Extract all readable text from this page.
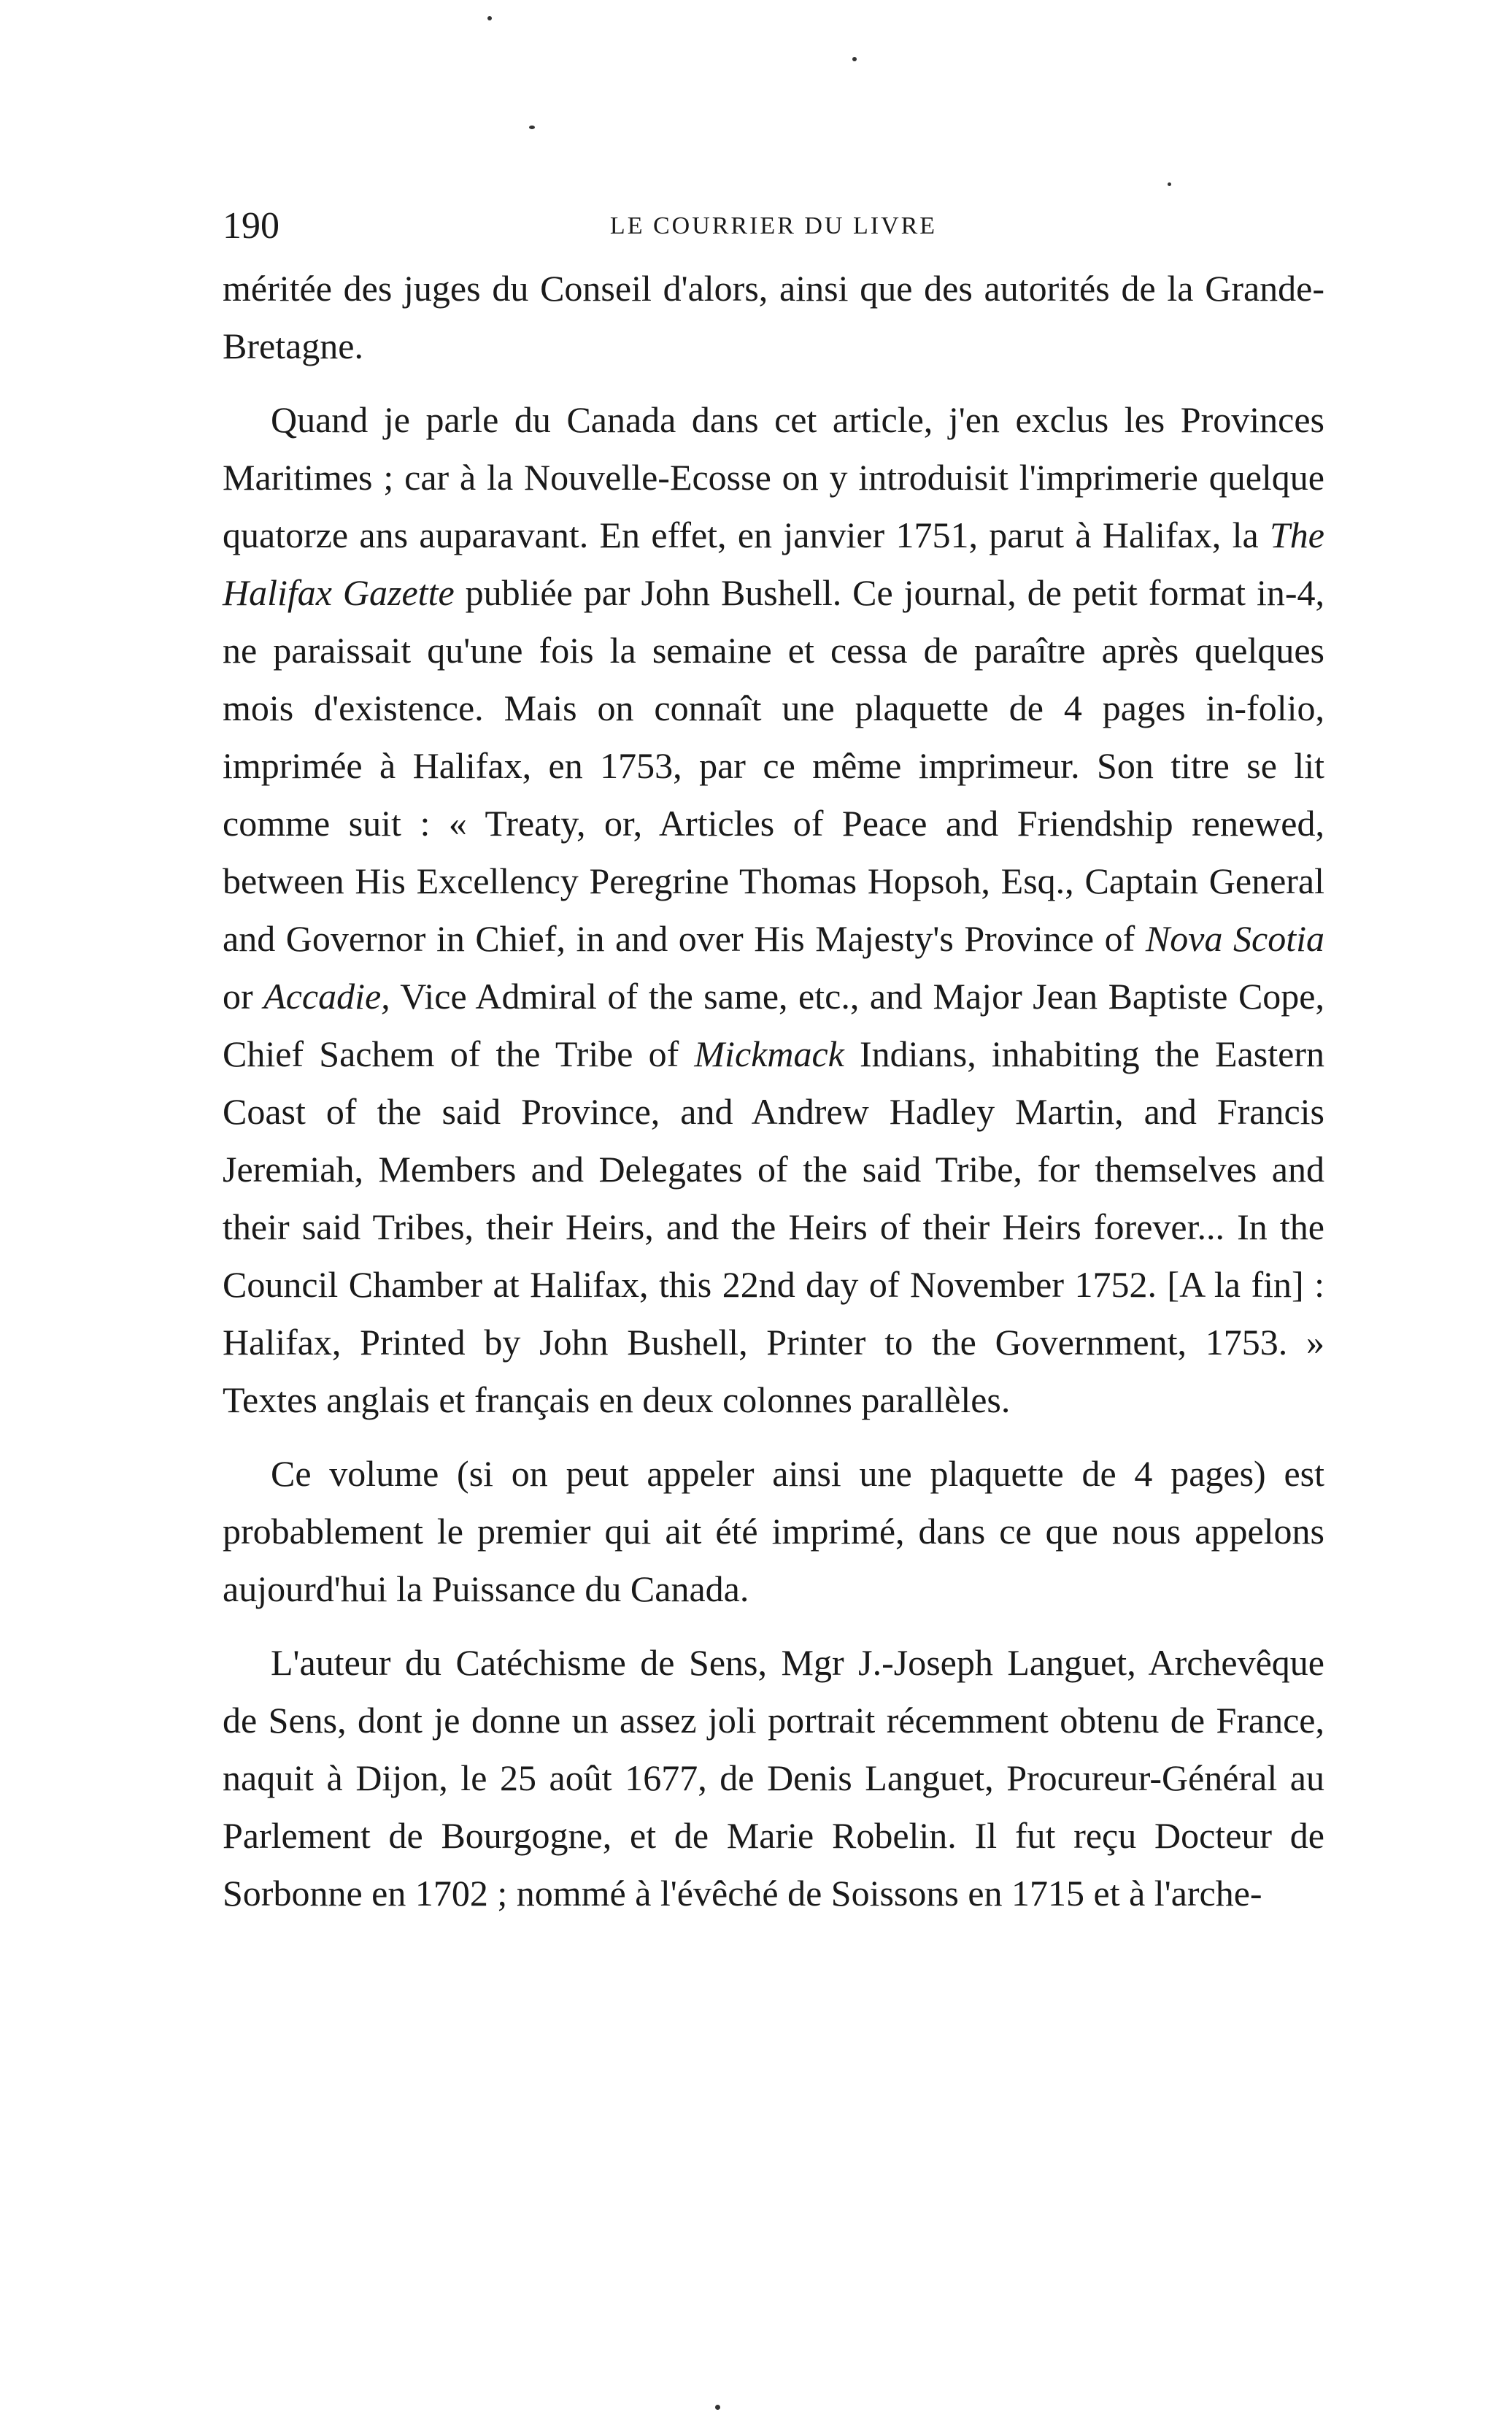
190	LE COURRIER DU LIVRE

méritée des juges du Conseil d'alors, ainsi que des autorités de la Grande-Bretagne.

Quand je parle du Canada dans cet article, j'en exclus les Provinces Maritimes ; car à la Nouvelle-Ecosse on y introduisit l'imprimerie quelque quatorze ans auparavant. En effet, en janvier 1751, parut à Halifax, la The Halifax Gazette publiée par John Bushell. Ce journal, de petit format in-4, ne paraissait qu'une fois la semaine et cessa de paraître après quelques mois d'existence. Mais on connaît une plaquette de 4 pages in-folio, imprimée à Halifax, en 1753, par ce même imprimeur. Son titre se lit comme suit : « Treaty, or, Articles of Peace and Friendship renewed, between His Excellency Peregrine Thomas Hopsoh, Esq., Captain General and Governor in Chief, in and over His Majesty's Province of Nova Scotia or Accadie, Vice Admiral of the same, etc., and Major Jean Baptiste Cope, Chief Sachem of the Tribe of Mickmack Indians, inhabiting the Eastern Coast of the said Province, and Andrew Hadley Martin, and Francis Jeremiah, Members and Delegates of the said Tribe, for themselves and their said Tribes, their Heirs, and the Heirs of their Heirs forever... In the Council Chamber at Halifax, this 22nd day of November 1752. [A la fin] : Halifax, Printed by John Bushell, Printer to the Government, 1753. » Textes anglais et français en deux colonnes parallèles.

Ce volume (si on peut appeler ainsi une plaquette de 4 pages) est probablement le premier qui ait été imprimé, dans ce que nous appelons aujourd'hui la Puissance du Canada.

L'auteur du Catéchisme de Sens, Mgr J.-Joseph Languet, Archevêque de Sens, dont je donne un assez joli portrait récemment obtenu de France, naquit à Dijon, le 25 août 1677, de Denis Languet, Procureur-Général au Parlement de Bourgogne, et de Marie Robelin. Il fut reçu Docteur de Sorbonne en 1702 ; nommé à l'évêché de Soissons en 1715 et à l'arche-
